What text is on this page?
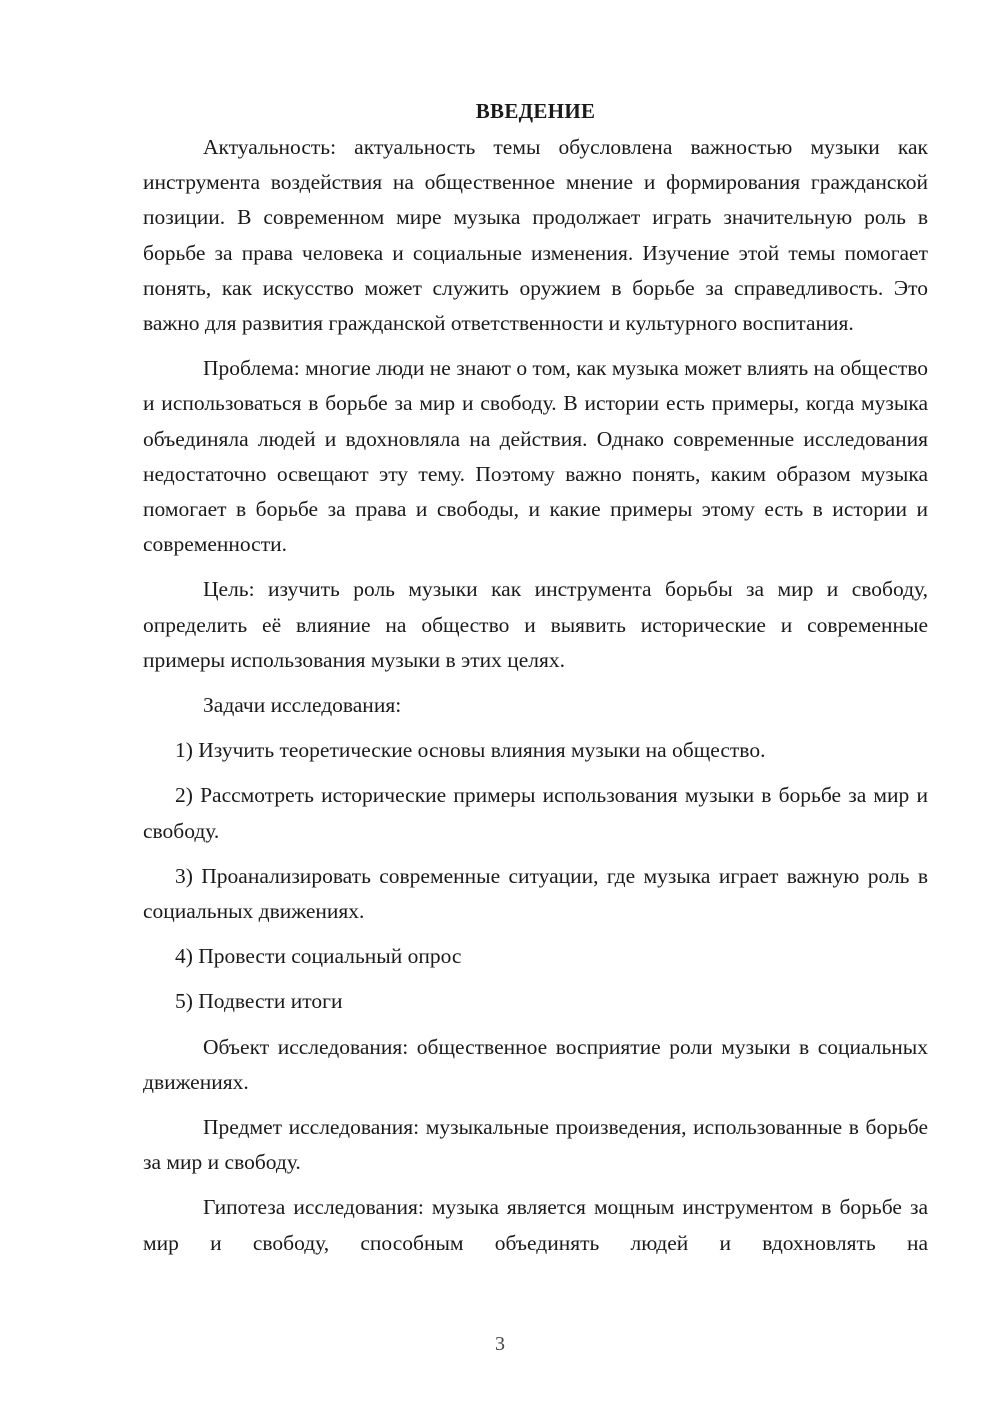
ВВЕДЕНИЕ

Актуальность: актуальность темы обусловлена важностью музыки как инструмента воздействия на общественное мнение и формирования гражданской позиции. В современном мире музыка продолжает играть значительную роль в борьбе за права человека и социальные изменения. Изучение этой темы помогает понять, как искусство может служить оружием в борьбе за справедливость. Это важно для развития гражданской ответственности и культурного воспитания.

Проблема: многие люди не знают о том, как музыка может влиять на общество и использоваться в борьбе за мир и свободу. В истории есть примеры, когда музыка объединяла людей и вдохновляла на действия. Однако современные исследования недостаточно освещают эту тему. Поэтому важно понять, каким образом музыка помогает в борьбе за права и свободы, и какие примеры этому есть в истории и современности.

Цель: изучить роль музыки как инструмента борьбы за мир и свободу, определить её влияние на общество и выявить исторические и современные примеры использования музыки в этих целях.

Задачи исследования:

1) Изучить теоретические основы влияния музыки на общество.

2) Рассмотреть исторические примеры использования музыки в борьбе за мир и свободу.

3) Проанализировать современные ситуации, где музыка играет важную роль в социальных движениях.

4) Провести социальный опрос

5) Подвести итоги

Объект исследования: общественное восприятие роли музыки в социальных движениях.

Предмет исследования: музыкальные произведения, использованные в борьбе за мир и свободу.

Гипотеза исследования: музыка является мощным инструментом в борьбе за мир и свободу, способным объединять людей и вдохновлять на

3
